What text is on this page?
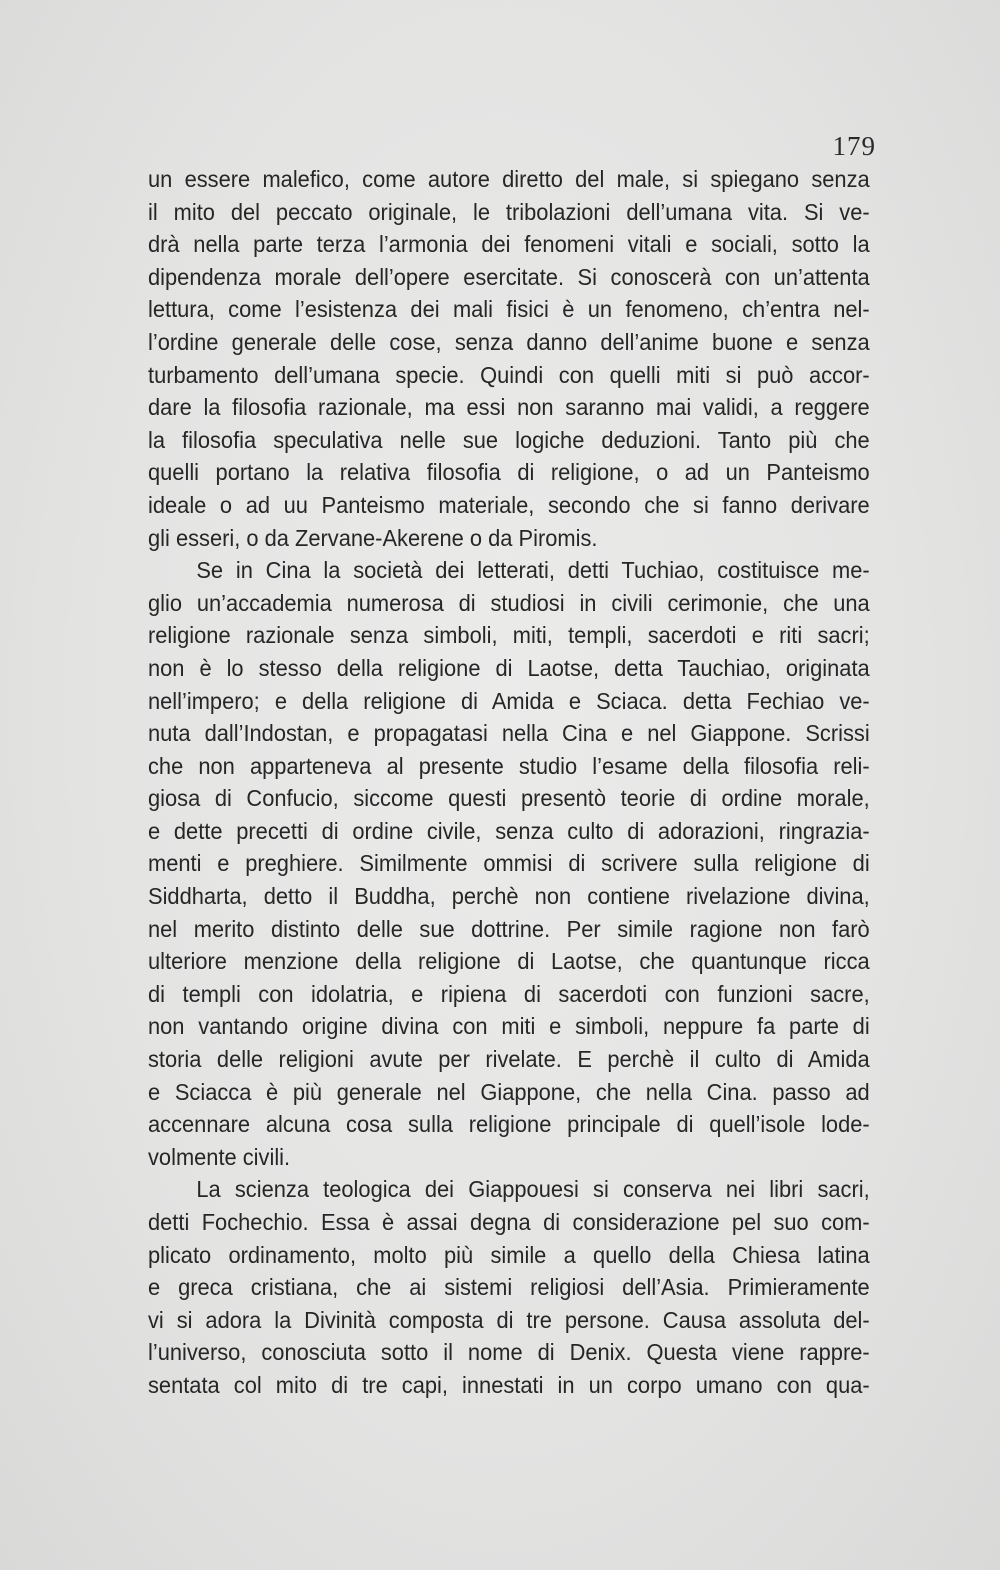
179
un essere malefico, come autore diretto del male, si spiegano senza
il mito del peccato originale, le tribolazioni dell’umana vita. Si ve-
drà nella parte terza l’armonia dei fenomeni vitali e sociali, sotto la
dipendenza morale dell’opere esercitate. Si conoscerà con un’attenta
lettura, come l’esistenza dei mali fisici è un fenomeno, ch’entra nel-
l’ordine generale delle cose, senza danno dell’anime buone e senza
turbamento dell’umana specie. Quindi con quelli miti si può accor-
dare la filosofia razionale, ma essi non saranno mai validi, a reggere
la filosofia speculativa nelle sue logiche deduzioni. Tanto più che
quelli portano la relativa filosofia di religione, o ad un Panteismo
ideale o ad uu Panteismo materiale, secondo che si fanno derivare
gli esseri, o da Zervane-Akerene o da Piromis.
Se in Cina la società dei letterati, detti Tuchiao, costituisce me-
glio un’accademia numerosa di studiosi in civili cerimonie, che una
religione razionale senza simboli, miti, templi, sacerdoti e riti sacri;
non è lo stesso della religione di Laotse, detta Tauchiao, originata
nell’impero; e della religione di Amida e Sciaca. detta Fechiao ve-
nuta dall’Indostan, e propagatasi nella Cina e nel Giappone. Scrissi
che non apparteneva al presente studio l’esame della filosofia reli-
giosa di Confucio, siccome questi presentò teorie di ordine morale,
e dette precetti di ordine civile, senza culto di adorazioni, ringrazia-
menti e preghiere. Similmente ommisi di scrivere sulla religione di
Siddharta, detto il Buddha, perchè non contiene rivelazione divina,
nel merito distinto delle sue dottrine. Per simile ragione non farò
ulteriore menzione della religione di Laotse, che quantunque ricca
di templi con idolatria, e ripiena di sacerdoti con funzioni sacre,
non vantando origine divina con miti e simboli, neppure fa parte di
storia delle religioni avute per rivelate. E perchè il culto di Amida
e Sciacca è più generale nel Giappone, che nella Cina. passo ad
accennare alcuna cosa sulla religione principale di quell’isole lode-
volmente civili.
La scienza teologica dei Giappouesi si conserva nei libri sacri,
detti Fochechio. Essa è assai degna di considerazione pel suo com-
plicato ordinamento, molto più simile a quello della Chiesa latina
e greca cristiana, che ai sistemi religiosi dell’Asia. Primieramente
vi si adora la Divinità composta di tre persone. Causa assoluta del-
l’universo, conosciuta sotto il nome di Denix. Questa viene rappre-
sentata col mito di tre capi, innestati in un corpo umano con qua-
